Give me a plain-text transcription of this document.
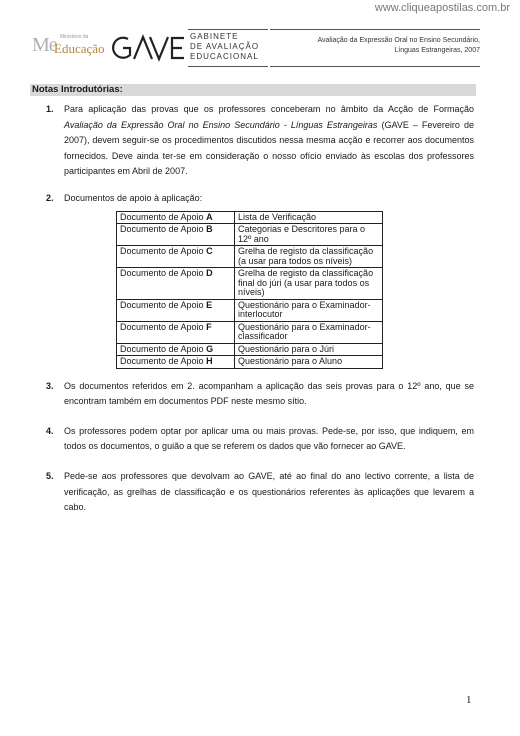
www.cliqueapostilas.com.br
Me Ministério da
Educação
GABINETE
DE AVALIAÇÃO
EDUCACIONAL
Avaliação da Expressão Oral no Ensino Secundário,
Línguas Estrangeiras, 2007
Notas Introdutórias:
1. Para aplicação das provas que os professores conceberam no âmbito da Acção de Formação Avaliação da Expressão Oral no Ensino Secundário - Línguas Estrangeiras (GAVE – Fevereiro de 2007), devem seguir-se os procedimentos discutidos nessa mesma acção e recorrer aos documentos fornecidos. Deve ainda ter-se em consideração o nosso ofício enviado às escolas dos professores participantes em Abril de 2007.
2. Documentos de apoio à aplicação:
Documento de Apoio A	Lista de Verificação
Documento de Apoio B	Categorias e Descritores para o 12º ano
Documento de Apoio C	Grelha de registo da classificação (a usar para todos os níveis)
Documento de Apoio D	Grelha de registo da classificação final do júri (a usar para todos os níveis)
Documento de Apoio E	Questionário para o Examinador-interlocutor
Documento de Apoio F	Questionário para o Examinador-classificador
Documento de Apoio G	Questionário para o Júri
Documento de Apoio H	Questionário para o Aluno
3. Os documentos referidos em 2. acompanham a aplicação das seis provas para o 12º ano, que se encontram também em documentos PDF neste mesmo sítio.
4. Os professores podem optar por aplicar uma ou mais provas. Pede-se, por isso, que indiquem, em todos os documentos, o guião a que se referem os dados que vão fornecer ao GAVE.
5. Pede-se aos professores que devolvam ao GAVE, até ao final do ano lectivo corrente, a lista de verificação, as grelhas de classificação e os questionários referentes às aplicações que levarem a cabo.
1
